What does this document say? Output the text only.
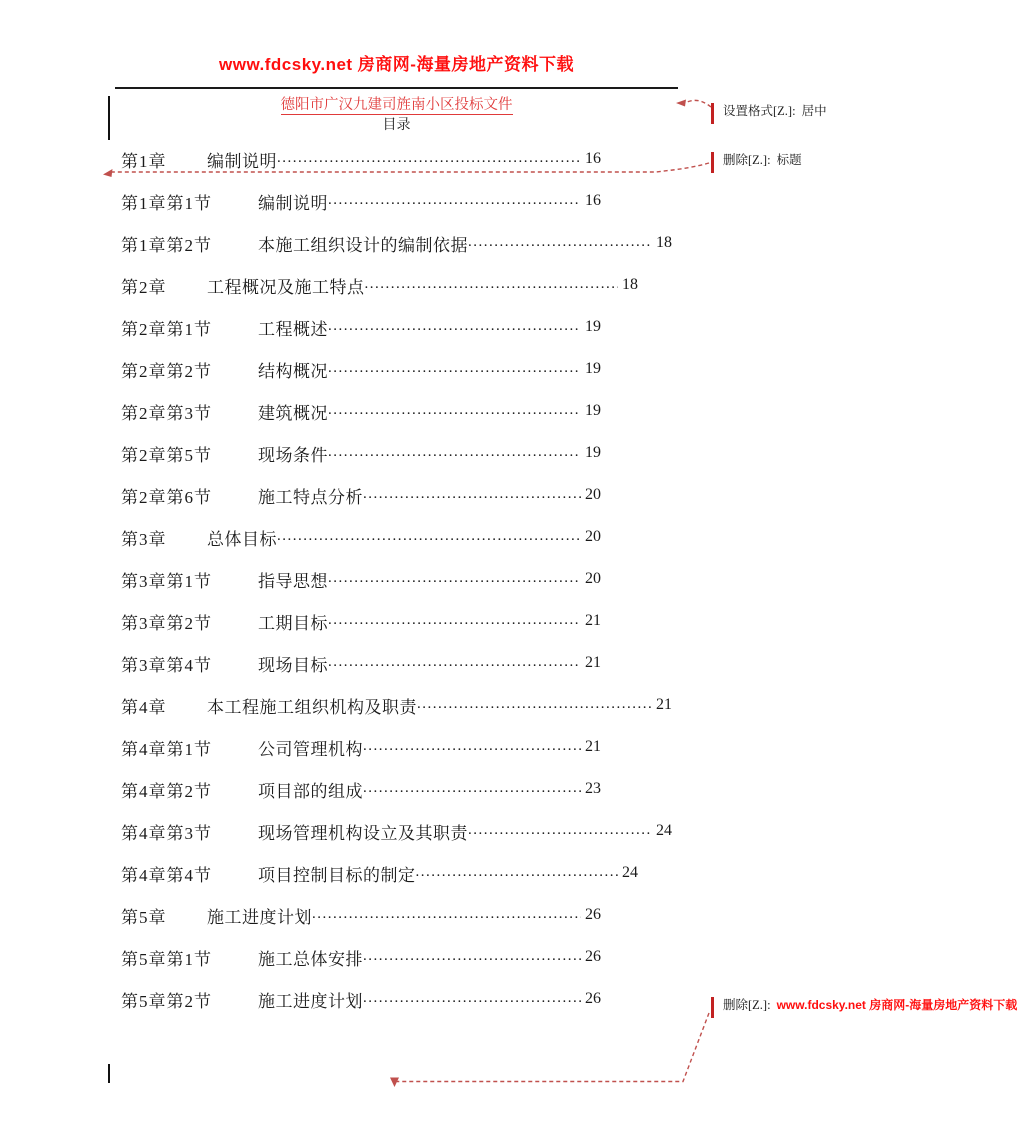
www.fdcsky.net 房商网-海量房地产资料下载
德阳市广汉九建司旌南小区投标文件
目录
第1章	编制说明 .....	16
第1章第1节	编制说明 .....	16
第1章第2节	本施工组织设计的编制依据 .....	18
第2章	工程概况及施工特点 .....	18
第2章第1节	工程概述 .....	19
第2章第2节	结构概况 .....	19
第2章第3节	建筑概况 .....	19
第2章第5节	现场条件 .....	19
第2章第6节	施工特点分析 .....	20
第3章	总体目标 .....	20
第3章第1节	指导思想 .....	20
第3章第2节	工期目标 .....	21
第3章第4节	现场目标 .....	21
第4章	本工程施工组织机构及职责 .....	21
第4章第1节	公司管理机构 .....	21
第4章第2节	项目部的组成 .....	23
第4章第3节	现场管理机构设立及其职责 .....	24
第4章第4节	项目控制目标的制定 .....	24
第5章	施工进度计划 .....	26
第5章第1节	施工总体安排 .....	26
第5章第2节	施工进度计划 .....	26
设置格式[Z.]: 居中
删除[Z.]: 标题
删除[Z.]: www.fdcsky.net 房商网-海量房地产资料下载
